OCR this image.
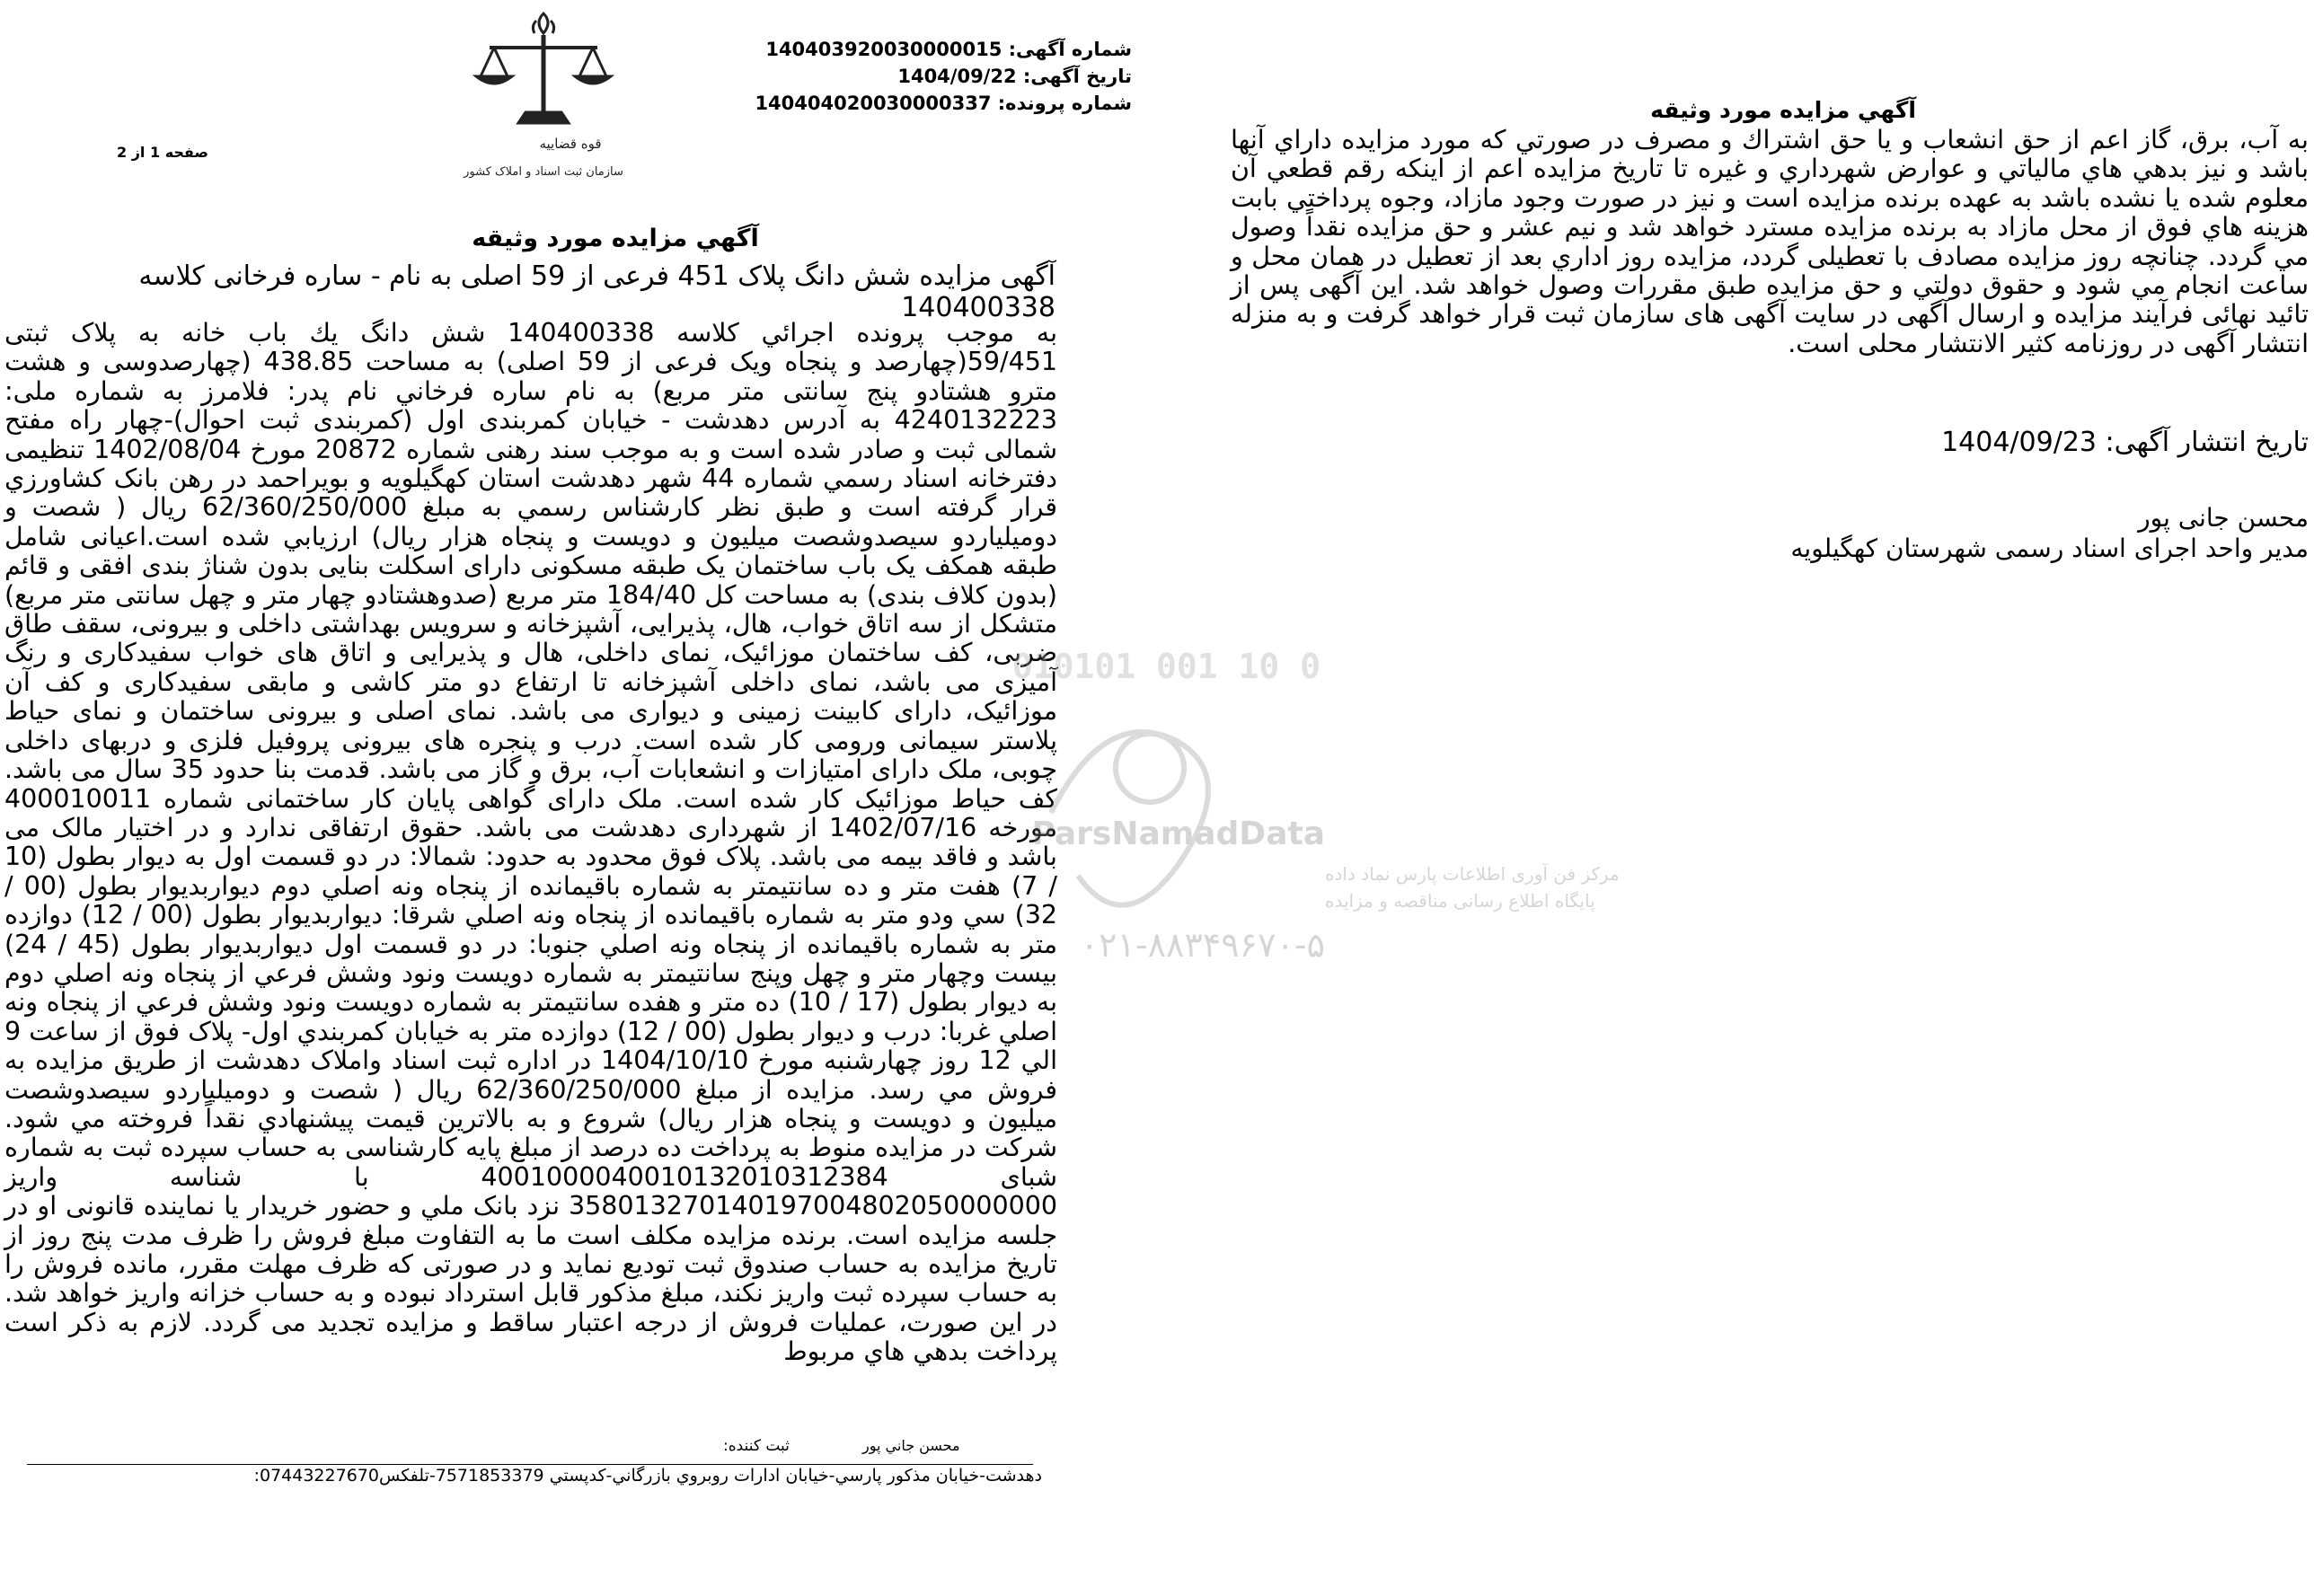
شماره آگهی: 140403920030000015
تاریخ آگهی: 1404/09/22
شماره پرونده: 140404020030000337
قوه قضاییه
سازمان ثبت اسناد و املاک کشور
صفحه 1 از 2
آگهي مزايده مورد وثيقه
آگهی مزایده شش دانگ پلاک 451 فرعی از 59 اصلی به نام - ساره فرخانی کلاسه 140400338
به موجب پرونده اجرائي كلاسه 140400338 شش دانگ يك باب خانه به پلاک ثبتی 59/451(چهارصد و پنجاه ویک فرعی از 59 اصلی) به مساحت 438.85 (چهارصدوسی و هشت مترو هشتادو پنج سانتی متر مربع) به نام ساره فرخاني نام پدر: فلامرز به شماره ملی: 4240132223 به آدرس دهدشت - خیابان کمربندی اول (کمربندی ثبت احوال)-چهار راه مفتح شمالی ثبت و صادر شده است و به موجب سند رهنی شماره 20872 مورخ 1402/08/04 تنظيمی دفترخانه اسناد رسمي شماره 44 شهر دهدشت استان کهگیلویه و بویراحمد در رهن بانک کشاورزي قرار گرفته است و طبق نظر کارشناس رسمي به مبلغ 62/360/250/000 ريال ( شصت و دوميلياردو سيصدوشصت ميليون و دويست و پنجاه هزار ريال) ارزيابي شده است.اعیانی شامل طبقه همکف یک باب ساختمان یک طبقه مسکونی دارای اسکلت بنایی بدون شناژ بندی افقی و قائم (بدون کلاف بندی) به مساحت کل 184/40 متر مربع (صدوهشتادو چهار متر و چهل سانتی متر مربع) متشکل از سه اتاق خواب، هال، پذیرایی، آشپزخانه و سرویس بهداشتی داخلی و بیرونی، سقف طاق ضربی، کف ساختمان موزائیک، نمای داخلی، هال و پذیرایی و اتاق های خواب سفیدکاری و رنگ آمیزی می باشد، نمای داخلی آشپزخانه تا ارتفاع دو متر کاشی و مابقی سفیدکاری و کف آن موزائیک، دارای کابینت زمینی و دیواری می باشد. نمای اصلی و بیرونی ساختمان و نمای حیاط پلاستر سیمانی ورومی کار شده است. درب و پنجره های بیرونی پروفیل فلزی و دربهای داخلی چوبی، ملک دارای امتیازات و انشعابات آب، برق و گاز می باشد. قدمت بنا حدود 35 سال می باشد. کف حیاط موزائیک کار شده است. ملک دارای گواهی پایان کار ساختمانی شماره 400010011 مورخه 1402/07/16 از شهرداری دهدشت می باشد. حقوق ارتفاقی ندارد و در اختیار مالک می باشد و فاقد بیمه می باشد. پلاک فوق محدود به حدود: شمالا: در دو قسمت اول به ديوار بطول (10 / 7) هفت متر و ده سانتيمتر به شماره باقيمانده از پنجاه ونه اصلي دوم ديواربديوار بطول (00 / 32) سي ودو متر به شماره باقيمانده از پنجاه ونه اصلي شرقا: ديواربديوار بطول (00 / 12) دوازده متر به شماره باقيمانده از پنجاه ونه اصلي جنوبا: در دو قسمت اول ديواربديوار بطول (45 / 24) بيست وچهار متر و چهل وپنج سانتيمتر به شماره دويست ونود وشش فرعي از پنجاه ونه اصلي دوم به ديوار بطول (17 / 10) ده متر و هفده سانتيمتر به شماره دويست ونود وشش فرعي از پنجاه ونه اصلي غربا: درب و ديوار بطول (00 / 12) دوازده متر به خيابان كمربندي اول- پلاک فوق از ساعت 9 الي 12 روز چهارشنبه مورخ 1404/10/10 در اداره ثبت اسناد واملاک دهدشت از طريق مزايده به فروش مي رسد. مزايده از مبلغ 62/360/250/000 ريال ( شصت و دوميلياردو سيصدوشصت ميليون و دويست و پنجاه هزار ريال) شروع و به بالاترين قيمت پيشنهادي نقداً فروخته مي شود. شرکت در مزايده منوط به پرداخت ده درصد از مبلغ پايه کارشناسی به حساب سپرده ثبت به شماره شبای 4001000040010132010312384 با شناسه واريز 358013270140197004802050000000 نزد بانک ملي و حضور خريدار يا نماينده قانونی او در جلسه مزايده است. برنده مزايده مکلف است ما به التفاوت مبلغ فروش را ظرف مدت پنج روز از تاريخ مزايده به حساب صندوق ثبت توديع نمايد و در صورتی که ظرف مهلت مقرر، مانده فروش را به حساب سپرده ثبت واريز نکند، مبلغ مذکور قابل استرداد نبوده و به حساب خزانه واريز خواهد شد. در اين صورت، عمليات فروش از درجه اعتبار ساقط و مزايده تجديد می گردد. لازم به ذکر است پرداخت بدهي هاي مربوط
ثبت کننده:	محسن جاني پور
دهدشت-خيابان مذكور پارسي-خيابان ادارات روبروي بازرگاني-كدپستي 7571853379-تلفكس07443227670:
آگهي مزايده مورد وثيقه
به آب، برق، گاز اعم از حق انشعاب و يا حق اشتراك و مصرف در صورتي كه مورد مزايده داراي آنها باشد و نيز بدهي هاي مالياتي و عوارض شهرداري و غيره تا تاريخ مزايده اعم از اينكه رقم قطعي آن معلوم شده يا نشده باشد به عهده برنده مزايده است و نيز در صورت وجود مازاد، وجوه پرداختي بابت هزينه هاي فوق از محل مازاد به برنده مزايده مسترد خواهد شد و نيم عشر و حق مزايده نقداً وصول مي گردد. چنانچه روز مزايده مصادف با تعطيلی گردد، مزايده روز اداري بعد از تعطيل در همان محل و ساعت انجام مي شود و حقوق دولتي و حق مزايده طبق مقررات وصول خواهد شد. اين آگهی پس از تائيد نهائی فرآيند مزايده و ارسال آگهی در سايت آگهی های سازمان ثبت قرار خواهد گرفت و به منزله انتشار آگهی در روزنامه کثير الانتشار محلی است.
تاريخ انتشار آگهی: 1404/09/23
محسن جانی پور
مدير واحد اجرای اسناد رسمی شهرستان کهگيلويه
010101 001 10 0
ParsNamadData
مرکز فن آوری اطلاعات پارس نماد داده
پایگاه اطلاع رسانی مناقصه و مزایده
۰۲۱-۸۸۳۴۹۶۷۰-۵
